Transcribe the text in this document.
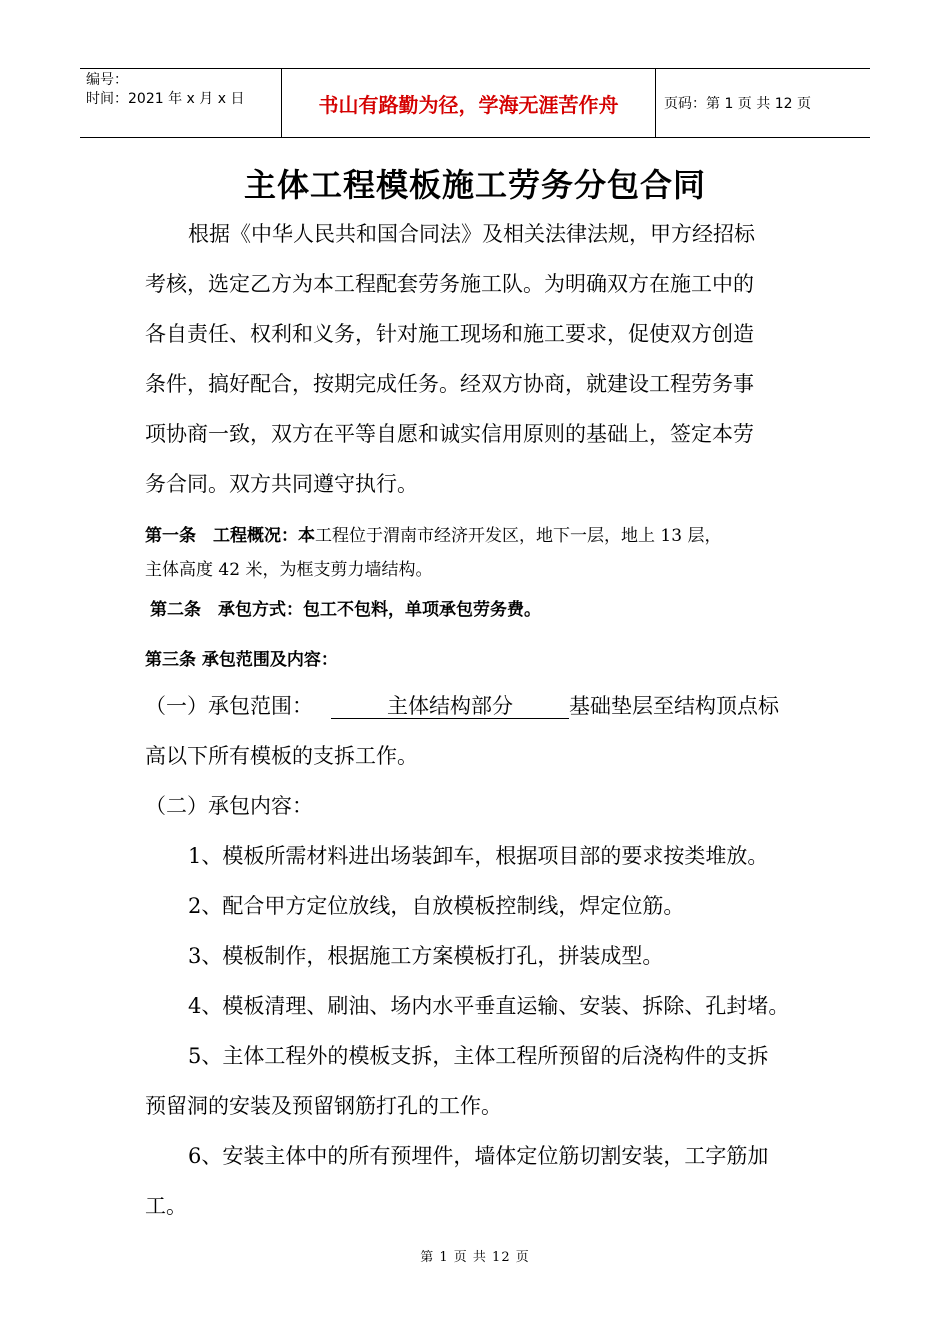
编号：
时间：2021 年 x 月 x 日	书山有路勤为径，学海无涯苦作舟	页码：第 1 页 共 12 页
主体工程模板施工劳务分包合同
根据《中华人民共和国合同法》及相关法律法规，甲方经招标
考核，选定乙方为本工程配套劳务施工队。为明确双方在施工中的
各自责任、权利和义务，针对施工现场和施工要求，促使双方创造
条件，搞好配合，按期完成任务。经双方协商，就建设工程劳务事
项协商一致，双方在平等自愿和诚实信用原则的基础上，签定本劳
务合同。双方共同遵守执行。
第一条　工程概况：本工程位于渭南市经济开发区，地下一层，地上 13 层，
主体高度 42 米，为框支剪力墙结构。
第二条　承包方式：包工不包料，单项承包劳务费。
第三条 承包范围及内容：
（一）承包范围：	主体结构部分	基础垫层至结构顶点标
高以下所有模板的支拆工作。
（二）承包内容：
1、模板所需材料进出场装卸车，根据项目部的要求按类堆放。
2、配合甲方定位放线，自放模板控制线，焊定位筋。
3、模板制作，根据施工方案模板打孔，拼装成型。
4、模板清理、刷油、场内水平垂直运输、安装、拆除、孔封堵。
5、主体工程外的模板支拆，主体工程所预留的后浇构件的支拆
预留洞的安装及预留钢筋打孔的工作。
6、安装主体中的所有预埋件，墙体定位筋切割安装，工字筋加
工。
第 1 页 共 12 页
